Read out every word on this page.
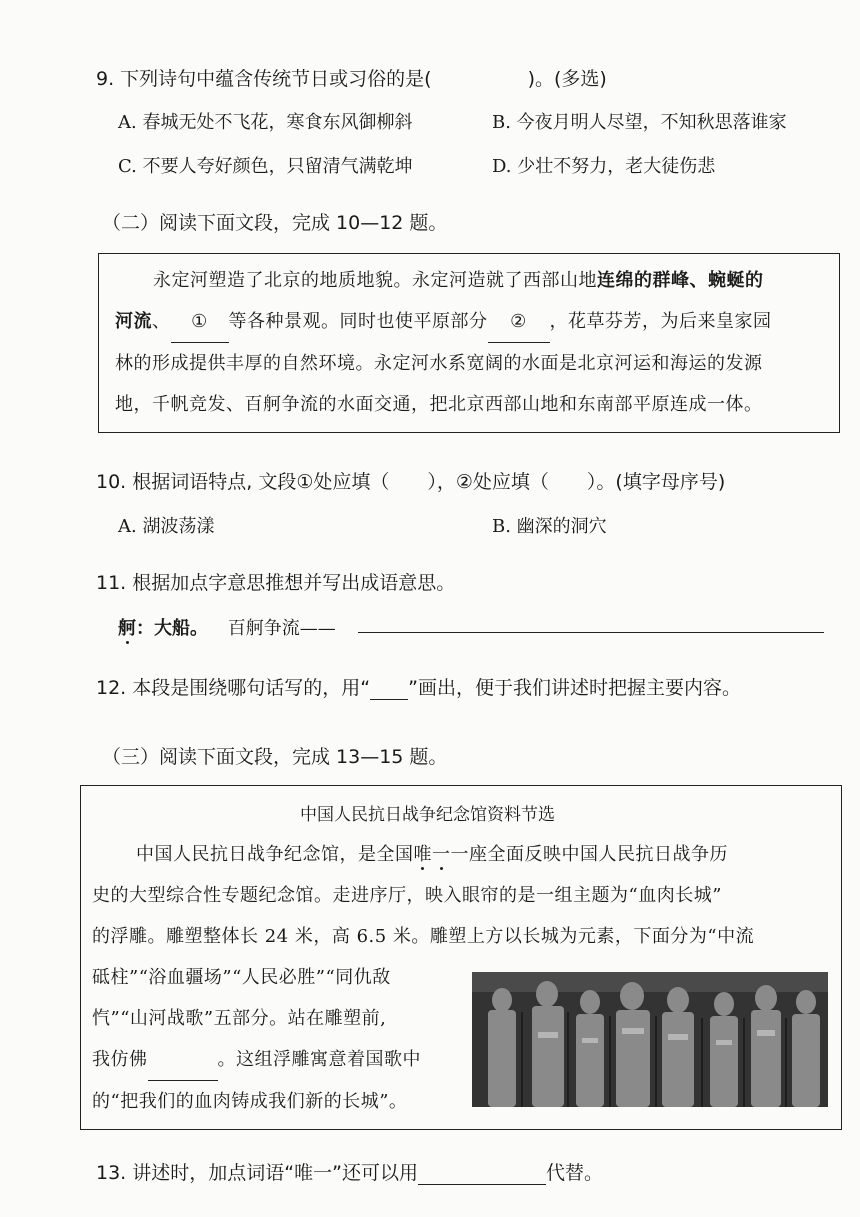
9. 下列诗句中蕴含传统节日或习俗的是(	)。(多选)
A. 春城无处不飞花，寒食东风御柳斜	B. 今夜月明人尽望，不知秋思落谁家
C. 不要人夸好颜色，只留清气满乾坤	D. 少壮不努力，老大徒伤悲
（二）阅读下面文段，完成 10—12 题。
永定河塑造了北京的地质地貌。永定河造就了西部山地连绵的群峰、蜿蜒的
河流、 ① 等各种景观。同时也使平原部分 ② ，花草芬芳，为后来皇家园
林的形成提供丰厚的自然环境。永定河水系宽阔的水面是北京河运和海运的发源
地，千帆竞发、百舸争流的水面交通，把北京西部山地和东南部平原连成一体。
10. 根据词语特点, 文段①处应填（　　），②处应填（　　）。(填字母序号)
A. 湖波荡漾	B. 幽深的洞穴
11. 根据加点字意思推想并写出成语意思。
舸：大船。 百舸争流——
12. 本段是围绕哪句话写的，用“ ”画出，便于我们讲述时把握主要内容。
（三）阅读下面文段，完成 13—15 题。
中国人民抗日战争纪念馆资料节选
中国人民抗日战争纪念馆，是全国唯一一座全面反映中国人民抗日战争历
史的大型综合性专题纪念馆。走进序厅，映入眼帘的是一组主题为“血肉长城”
的浮雕。雕塑整体长 24 米，高 6.5 米。雕塑上方以长城为元素，下面分为“中流
砥柱”“浴血疆场”“人民必胜”“同仇敌
忾”“山河战歌”五部分。站在雕塑前,
我仿佛	。这组浮雕寓意着国歌中
的“把我们的血肉铸成我们新的长城”。
13. 讲述时，加点词语“唯一”还可以用	代替。
